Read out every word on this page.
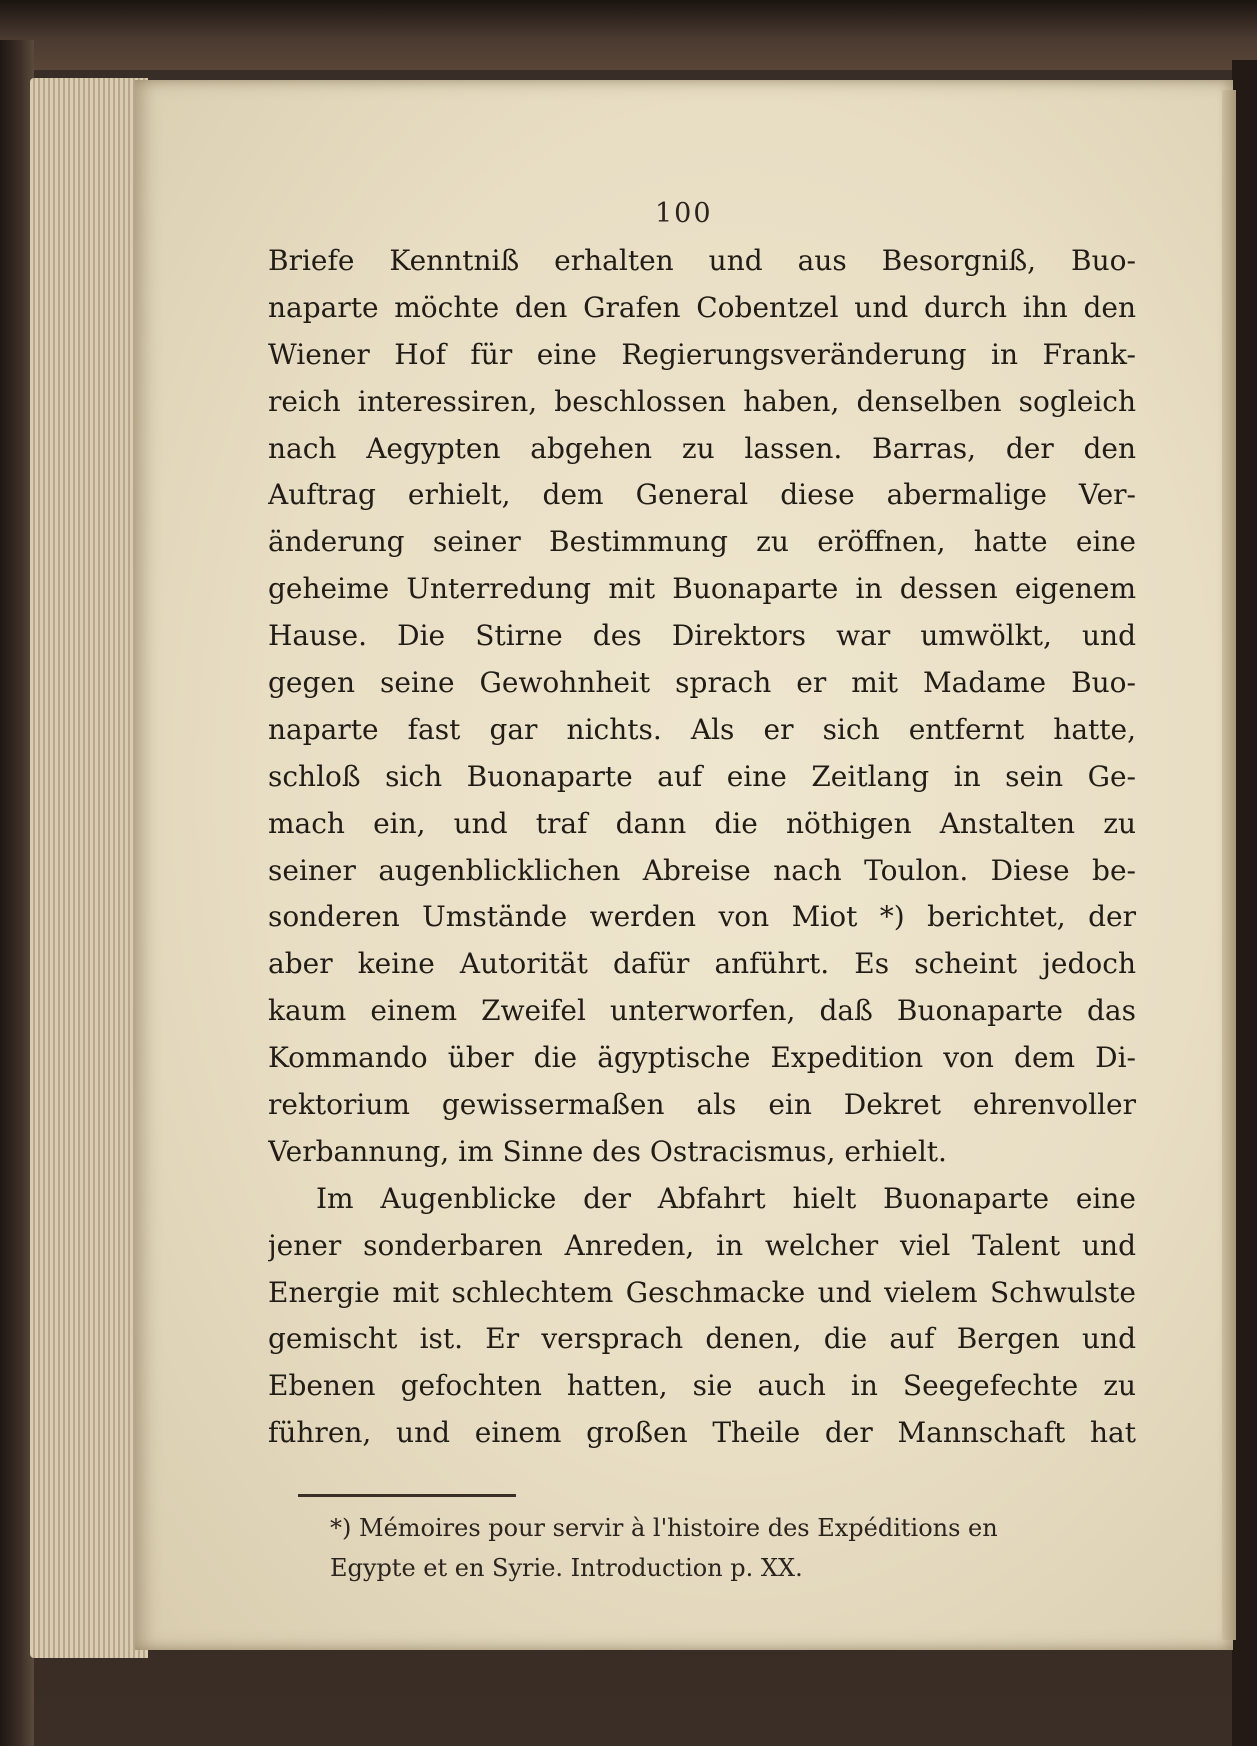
100
Briefe Kenntniß erhalten und aus Besorgniß, Buo-
naparte möchte den Grafen Cobentzel und durch ihn den
Wiener Hof für eine Regierungsveränderung in Frank-
reich interessiren, beschlossen haben, denselben sogleich
nach Aegypten abgehen zu lassen. Barras, der den
Auftrag erhielt, dem General diese abermalige Ver-
änderung seiner Bestimmung zu eröffnen, hatte eine
geheime Unterredung mit Buonaparte in dessen eigenem
Hause. Die Stirne des Direktors war umwölkt, und
gegen seine Gewohnheit sprach er mit Madame Buo-
naparte fast gar nichts. Als er sich entfernt hatte,
schloß sich Buonaparte auf eine Zeitlang in sein Ge-
mach ein, und traf dann die nöthigen Anstalten zu
seiner augenblicklichen Abreise nach Toulon. Diese be-
sonderen Umstände werden von Miot *) berichtet, der
aber keine Autorität dafür anführt. Es scheint jedoch
kaum einem Zweifel unterworfen, daß Buonaparte das
Kommando über die ägyptische Expedition von dem Di-
rektorium gewissermaßen als ein Dekret ehrenvoller
Verbannung, im Sinne des Ostracismus, erhielt.
Im Augenblicke der Abfahrt hielt Buonaparte eine
jener sonderbaren Anreden, in welcher viel Talent und
Energie mit schlechtem Geschmacke und vielem Schwulste
gemischt ist. Er versprach denen, die auf Bergen und
Ebenen gefochten hatten, sie auch in Seegefechte zu
führen, und einem großen Theile der Mannschaft hat
*) Mémoires pour servir à l'histoire des Expéditions en
Egypte et en Syrie. Introduction p. XX.
